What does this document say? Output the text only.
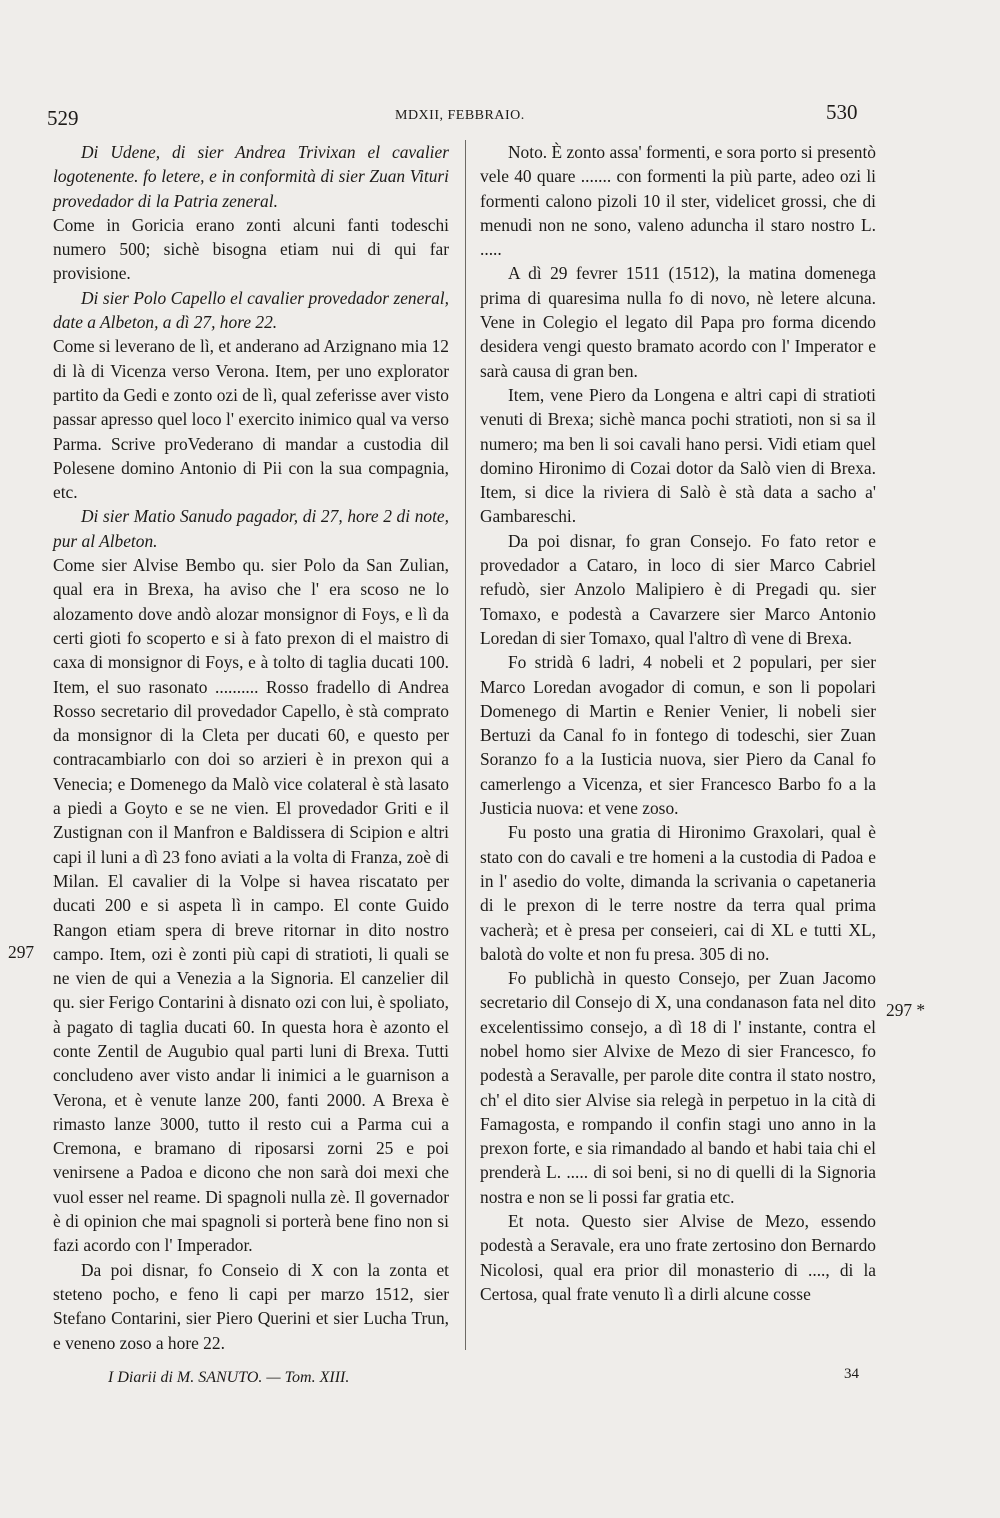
529	MDXII, FEBBRAIO.	530

Di Udene, di sier Andrea Trivixan el cavalier logotenente. fo letere, e in conformità di sier Zuan Vituri provedador di la Patria zeneral.

Come in Goricia erano zonti alcuni fanti todeschi numero 500; sichè bisogna etiam nui di qui far provisione.

Di sier Polo Capello el cavalier provedador zeneral, date a Albeton, a dì 27, hore 22.

Come si leverano de lì, et anderano ad Arzignano mia 12 di là di Vicenza verso Verona. Item, per uno explorator partito da Gedi e zonto ozi de lì, qual zeferisse aver visto passar apresso quel loco l' exercito inimico qual va verso Parma. Scrive proVederano di mandar a custodia dil Polesene domino Antonio di Pii con la sua compagnia, etc.

Di sier Matio Sanudo pagador, di 27, hore 2 di note, pur al Albeton.

Come sier Alvise Bembo qu. sier Polo da San Zulian, qual era in Brexa, ha aviso che l' era scoso ne lo alozamento dove andò alozar monsignor di Foys, e lì da certi gioti fo scoperto e si à fato prexon di el maistro di caxa di monsignor di Foys, e à tolto di taglia ducati 100. Item, el suo rasonato .......... Rosso fradello di Andrea Rosso secretario dil provedador Capello, è stà comprato da monsignor di la Cleta per ducati 60, e questo per contracambiarlo con doi so arzieri è in prexon qui a Venecia; e Domenego da Malò vice colateral è stà lasato a piedi a Goyto e se ne vien. El provedador Griti e il Zustignan con il Manfron e Baldissera di Scipion e altri capi il luni a dì 23 fono aviati a la volta di Franza, zoè di Milan. El cavalier di la Volpe si havea riscatato per ducati 200 e si aspeta lì in campo. El conte Guido Rangon etiam spera di breve ritornar in dito nostro campo. Item, ozi è zonti più capi di stratioti, li quali se ne vien de qui a Venezia a la Signoria. El canzelier dil qu. sier Ferigo Contarini à disnato ozi con lui, è spoliato, à pagato di taglia ducati 60. In questa hora è azonto el conte Zentil de Augubio qual parti luni di Brexa. Tutti concludeno aver visto andar li inimici a le guarnison a Verona, et è venute lanze 200, fanti 2000. A Brexa è rimasto lanze 3000, tutto il resto cui a Parma cui a Cremona, e bramano di riposarsi zorni 25 e poi venirsene a Padoa e dicono che non sarà doi mexi che vuol esser nel reame. Di spagnoli nulla zè. Il governador è di opinion che mai spagnoli si porterà bene fino non si fazi acordo con l' Imperador.

Da poi disnar, fo Conseio di X con la zonta et steteno pocho, e feno li capi per marzo 1512, sier Stefano Contarini, sier Piero Querini et sier Lucha Trun, e veneno zoso a hore 22.

Noto. È zonto assa' formenti, e sora porto si presentò vele 40 quare ....... con formenti la più parte, adeo ozi li formenti calono pizoli 10 il ster, videlicet grossi, che di menudi non ne sono, valeno aduncha il staro nostro L. .....

A dì 29 fevrer 1511 (1512), la matina domenega prima di quaresima nulla fo di novo, nè letere alcuna. Vene in Colegio el legato dil Papa pro forma dicendo desidera vengi questo bramato acordo con l' Imperator e sarà causa di gran ben.

Item, vene Piero da Longena e altri capi di stratioti venuti di Brexa; sichè manca pochi stratioti, non si sa il numero; ma ben li soi cavali hano persi. Vidi etiam quel domino Hironimo di Cozai dotor da Salò vien di Brexa. Item, si dice la riviera di Salò è stà data a sacho a' Gambareschi.

Da poi disnar, fo gran Consejo. Fo fato retor e provedador a Cataro, in loco di sier Marco Cabriel refudò, sier Anzolo Malipiero è di Pregadi qu. sier Tomaxo, e podestà a Cavarzere sier Marco Antonio Loredan di sier Tomaxo, qual l'altro dì vene di Brexa.

Fo stridà 6 ladri, 4 nobeli et 2 populari, per sier Marco Loredan avogador di comun, e son li popolari Domenego di Martin e Renier Venier, li nobeli sier Bertuzi da Canal fo in fontego di todeschi, sier Zuan Soranzo fo a la Iusticia nuova, sier Piero da Canal fo camerlengo a Vicenza, et sier Francesco Barbo fo a la Justicia nuova: et vene zoso.

Fu posto una gratia di Hironimo Graxolari, qual è stato con do cavali e tre homeni a la custodia di Padoa e in l' asedio do volte, dimanda la scrivania o capetaneria di le prexon di le terre nostre da terra qual prima vacherà; et è presa per conseieri, cai di XL e tutti XL, balotà do volte et non fu presa. 305 di no.

Fo publichà in questo Consejo, per Zuan Jacomo secretario dil Consejo di X, una condanason fata nel dito excelentissimo consejo, a dì 18 di l' instante, contra el nobel homo sier Alvixe de Mezo di sier Francesco, fo podestà a Seravalle, per parole dite contra il stato nostro, ch' el dito sier Alvise sia relegà in perpetuo in la cità di Famagosta, e rompando il confin stagi uno anno in la prexon forte, e sia rimandado al bando et habi taia chi el prenderà L. ..... di soi beni, si no di quelli di la Signoria nostra e non se li possi far gratia etc.

Et nota. Questo sier Alvise de Mezo, essendo podestà a Seravale, era uno frate zertosino don Bernardo Nicolosi, qual era prior dil monasterio di ...., di la Certosa, qual frate venuto lì a dirli alcune cosse

297
297 *
I Diarii di M. SANUTO. — Tom. XIII.	34
